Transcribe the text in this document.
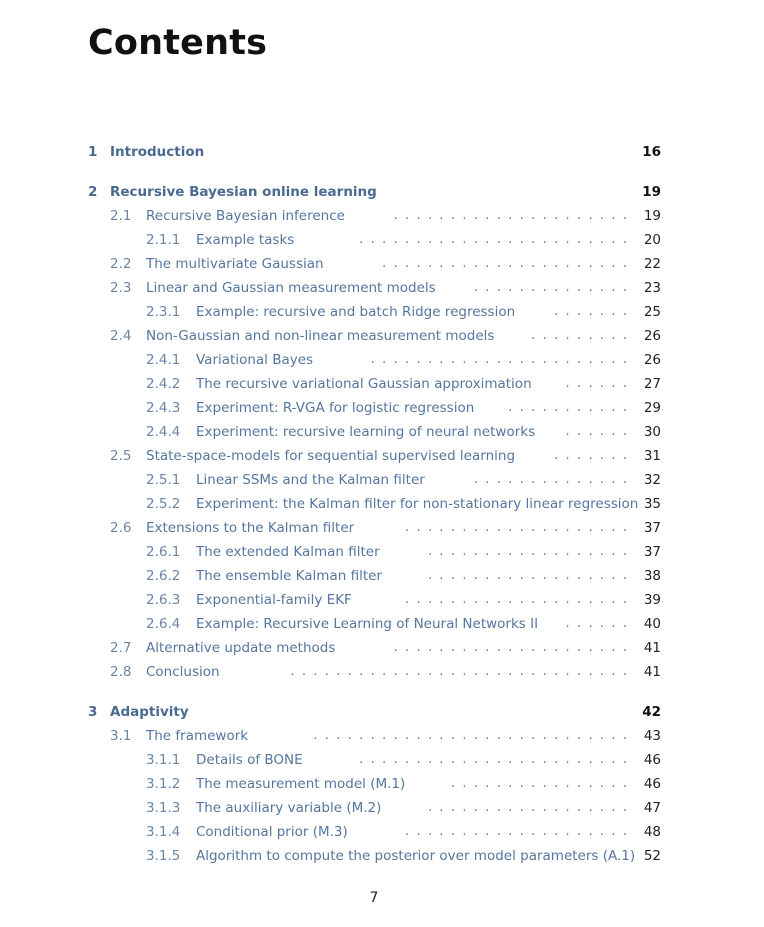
Contents
1 Introduction	16
2 Recursive Bayesian online learning	19
2.1 Recursive Bayesian inference	19
. . . . . . . . . . . . . . . . . . . . .
2.1.1 Example tasks	20
. . . . . . . . . . . . . . . . . . . . . . . .
2.2 The multivariate Gaussian	22
. . . . . . . . . . . . . . . . . . . . . .
2.3 Linear and Gaussian measurement models	23
. . . . . . . . . . . . . .
2.3.1 Example: recursive and batch Ridge regression	25
. . . . . . .
2.4 Non-Gaussian and non-linear measurement models	26
. . . . . . . . .
2.4.1 Variational Bayes	26
. . . . . . . . . . . . . . . . . . . . . . .
2.4.2 The recursive variational Gaussian approximation	27
. . . . . .
2.4.3 Experiment: R-VGA for logistic regression	29
. . . . . . . . . . .
2.4.4 Experiment: recursive learning of neural networks	30
. . . . . .
2.5 State-space-models for sequential supervised learning	31
. . . . . . .
2.5.1 Linear SSMs and the Kalman filter	32
. . . . . . . . . . . . . .
2.5.2 Experiment: the Kalman filter for non-stationary linear regression 35
2.6 Extensions to the Kalman filter	37
. . . . . . . . . . . . . . . . . . . .
2.6.1 The extended Kalman filter	37
. . . . . . . . . . . . . . . . . .
2.6.2 The ensemble Kalman filter	38
. . . . . . . . . . . . . . . . . .
2.6.3 Exponential-family EKF	39
. . . . . . . . . . . . . . . . . . . .
2.6.4 Example: Recursive Learning of Neural Networks II	40
. . . . . .
2.7 Alternative update methods	41
. . . . . . . . . . . . . . . . . . . . .
2.8 Conclusion	41
. . . . . . . . . . . . . . . . . . . . . . . . . . . . . .
3 Adaptivity	42
3.1 The framework	43
. . . . . . . . . . . . . . . . . . . . . . . . . . . .
3.1.1 Details of BONE	46
. . . . . . . . . . . . . . . . . . . . . . . .
3.1.2 The measurement model (M.1)	46
. . . . . . . . . . . . . . . .
3.1.3 The auxiliary variable (M.2)	47
. . . . . . . . . . . . . . . . . .
3.1.4 Conditional prior (M.3)	48
. . . . . . . . . . . . . . . . . . . .
3.1.5 Algorithm to compute the posterior over model parameters (A.1) 52
7
